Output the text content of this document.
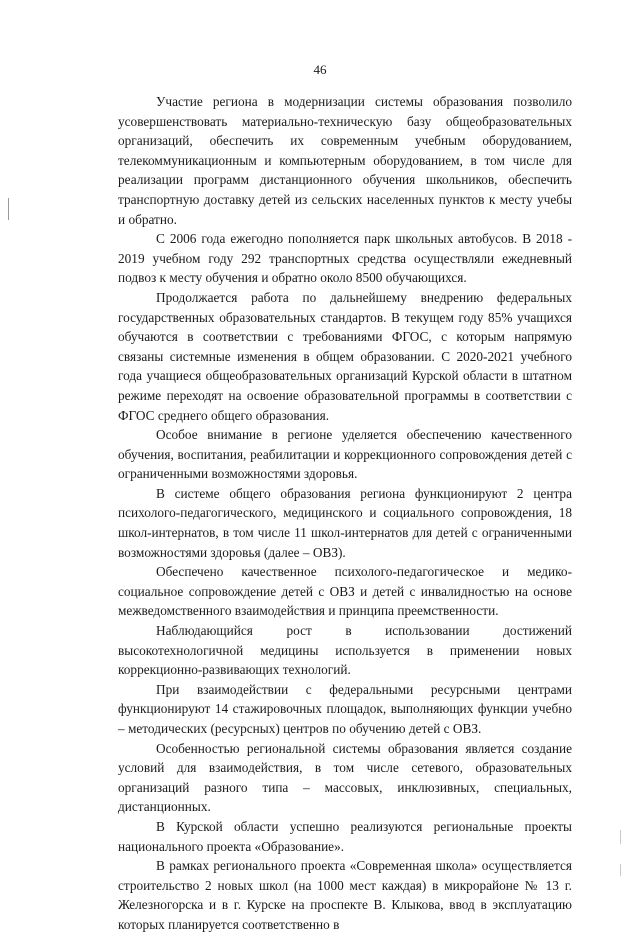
46

Участие региона в модернизации системы образования позволило усовершенствовать материально-техническую базу общеобразовательных организаций, обеспечить их современным учебным оборудованием, телекоммуникационным и компьютерным оборудованием, в том числе для реализации программ дистанционного обучения школьников, обеспечить транспортную доставку детей из сельских населенных пунктов к месту учебы и обратно.

С 2006 года ежегодно пополняется парк школьных автобусов. В 2018 - 2019 учебном году 292 транспортных средства осуществляли ежедневный подвоз к месту обучения и обратно около 8500 обучающихся.

Продолжается работа по дальнейшему внедрению федеральных государственных образовательных стандартов. В текущем году 85% учащихся обучаются в соответствии с требованиями ФГОС, с которым напрямую связаны системные изменения в общем образовании. С 2020-2021 учебного года учащиеся общеобразовательных организаций Курской области в штатном режиме переходят на освоение образовательной программы в соответствии с ФГОС среднего общего образования.

Особое внимание в регионе уделяется обеспечению качественного обучения, воспитания, реабилитации и коррекционного сопровождения детей с ограниченными возможностями здоровья.

В системе общего образования региона функционируют 2 центра психолого-педагогического, медицинского и социального сопровождения, 18 школ-интернатов, в том числе 11 школ-интернатов для детей с ограниченными возможностями здоровья (далее – ОВЗ).

Обеспечено качественное психолого-педагогическое и медико-социальное сопровождение детей с ОВЗ и детей с инвалидностью на основе межведомственного взаимодействия и принципа преемственности.

Наблюдающийся рост в использовании достижений высокотехнологичной медицины используется в применении новых коррекционно-развивающих технологий.

При взаимодействии с федеральными ресурсными центрами функционируют 14 стажировочных площадок, выполняющих функции учебно – методических (ресурсных) центров по обучению детей с ОВЗ.

Особенностью региональной системы образования является создание условий для взаимодействия, в том числе сетевого, образовательных организаций разного типа – массовых, инклюзивных, специальных, дистанционных.

В Курской области успешно реализуются региональные проекты национального проекта «Образование».

В рамках регионального проекта «Современная школа» осуществляется строительство 2 новых школ (на 1000 мест каждая) в микрорайоне № 13 г. Железногорска и в г. Курске на проспекте В. Клыкова, ввод в эксплуатацию которых планируется соответственно в
